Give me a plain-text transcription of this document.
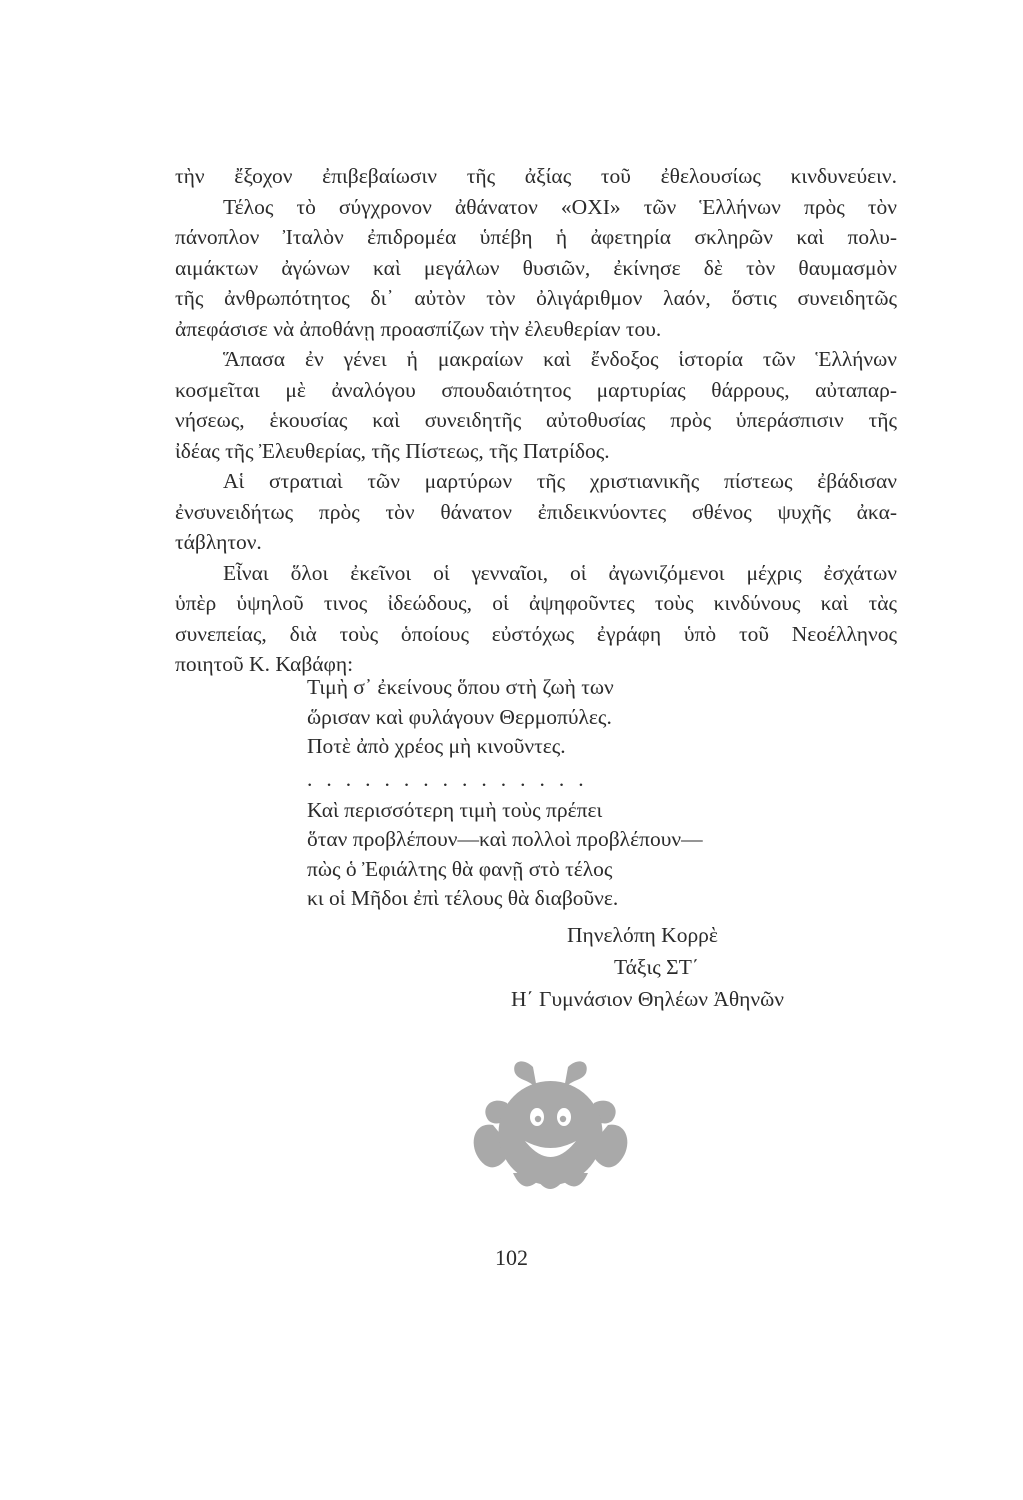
τὴν ἔξοχον ἐπιβεβαίωσιν τῆς ἀξίας τοῦ ἐθελουσίως κινδυνεύειν.
Τέλος τὸ σύγχρονον ἀθάνατον «ΟΧΙ» τῶν Ἑλλήνων πρὸς τὸν
πάνοπλον Ἰταλὸν ἐπιδρομέα ὑπέβη ἡ ἀφετηρία σκληρῶν καὶ πολυ-
αιμάκτων ἀγώνων καὶ μεγάλων θυσιῶν, ἐκίνησε δὲ τὸν θαυμασμὸν
τῆς ἀνθρωπότητος δι᾽ αὐτὸν τὸν ὀλιγάριθμον λαόν, ὅστις συνειδητῶς
ἀπεφάσισε νὰ ἀποθάνῃ προασπίζων τὴν ἐλευθερίαν του.
Ἅπασα ἐν γένει ἡ μακραίων καὶ ἔνδοξος ἱστορία τῶν Ἑλλήνων
κοσμεῖται μὲ ἀναλόγου σπουδαιότητος μαρτυρίας θάρρους, αὐταπαρ-
νήσεως, ἑκουσίας καὶ συνειδητῆς αὐτοθυσίας πρὸς ὑπεράσπισιν τῆς
ἰδέας τῆς Ἐλευθερίας, τῆς Πίστεως, τῆς Πατρίδος.
Αἱ στρατιαὶ τῶν μαρτύρων τῆς χριστιανικῆς πίστεως ἐβάδισαν
ἐνσυνειδήτως πρὸς τὸν θάνατον ἐπιδεικνύοντες σθένος ψυχῆς ἀκα-
τάβλητον.
Εἶναι ὅλοι ἐκεῖνοι οἱ γενναῖοι, οἱ ἀγωνιζόμενοι μέχρις ἐσχάτων
ὑπὲρ ὑψηλοῦ τινος ἰδεώδους, οἱ ἀψηφοῦντες τοὺς κινδύνους καὶ τὰς
συνεπείας, διὰ τοὺς ὁποίους εὐστόχως ἐγράφη ὑπὸ τοῦ Νεοέλληνος
ποιητοῦ Κ. Καβάφη:
Τιμὴ σ᾽ ἐκείνους ὅπου στὴ ζωὴ των
ὥρισαν καὶ φυλάγουν Θερμοπύλες.
Ποτὲ ἀπὸ χρέος μὴ κινοῦντες.
...............
Καὶ περισσότερη τιμὴ τοὺς πρέπει
ὅταν προβλέπουν—καὶ πολλοὶ προβλέπουν—
πὼς ὁ Ἐφιάλτης θὰ φανῇ στὸ τέλος
κι οἱ Μῆδοι ἐπὶ τέλους θὰ διαβοῦνε.
Πηνελόπη Κορρὲ
Τάξις ΣΤ΄
Η΄ Γυμνάσιον Θηλέων Ἀθηνῶν
102
